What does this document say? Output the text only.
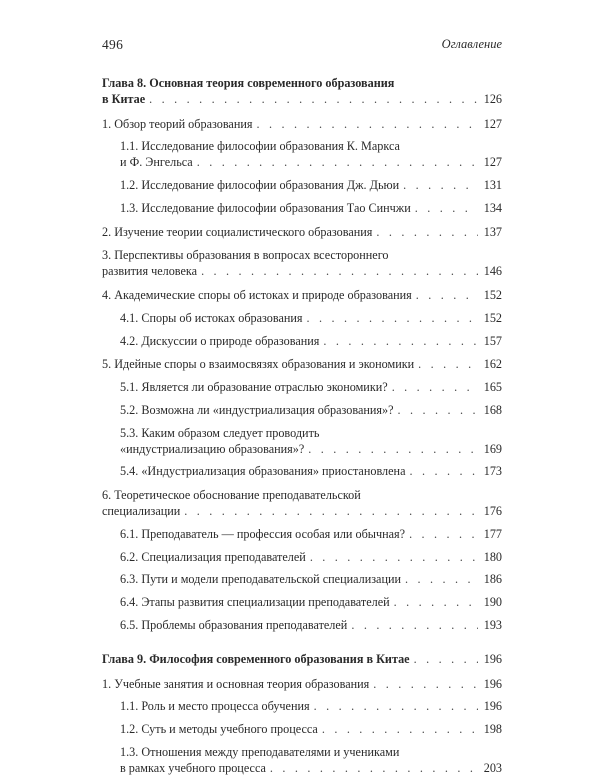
496	Оглавление
Глава 8. Основная теория современного образования
в Китае . . .	126
1. Обзор теорий образования . . .	127
1.1. Исследование философии образования К. Маркса
и Ф. Энгельса . . .	127
1.2. Исследование философии образования Дж. Дьюи . . .	131
1.3. Исследование философии образования Тао Синчжи . . .	134
2. Изучение теории социалистического образования . . .	137
3. Перспективы образования в вопросах всестороннего
развития человека . . .	146
4. Академические споры об истоках и природе образования . . .	152
4.1. Споры об истоках образования . . .	152
4.2. Дискуссии о природе образования . . .	157
5. Идейные споры о взаимосвязях образования и экономики . . .	162
5.1. Является ли образование отраслью экономики? . . .	165
5.2. Возможна ли «индустриализация образования»? . . .	168
5.3. Каким образом следует проводить
«индустриализацию образования»? . . .	169
5.4. «Индустриализация образования» приостановлена . . .	173
6. Теоретическое обоснование преподавательской
специализации . . .	176
6.1. Преподаватель — профессия особая или обычная? . . .	177
6.2. Специализация преподавателей . . .	180
6.3. Пути и модели преподавательской специализации . . .	186
6.4. Этапы развития специализации преподавателей . . .	190
6.5. Проблемы образования преподавателей . . .	193
Глава 9. Философия современного образования в Китае . . .	196
1. Учебные занятия и основная теория образования . . .	196
1.1. Роль и место процесса обучения . . .	196
1.2. Суть и методы учебного процесса . . .	198
1.3. Отношения между преподавателями и учениками
в рамках учебного процесса . . .	203
